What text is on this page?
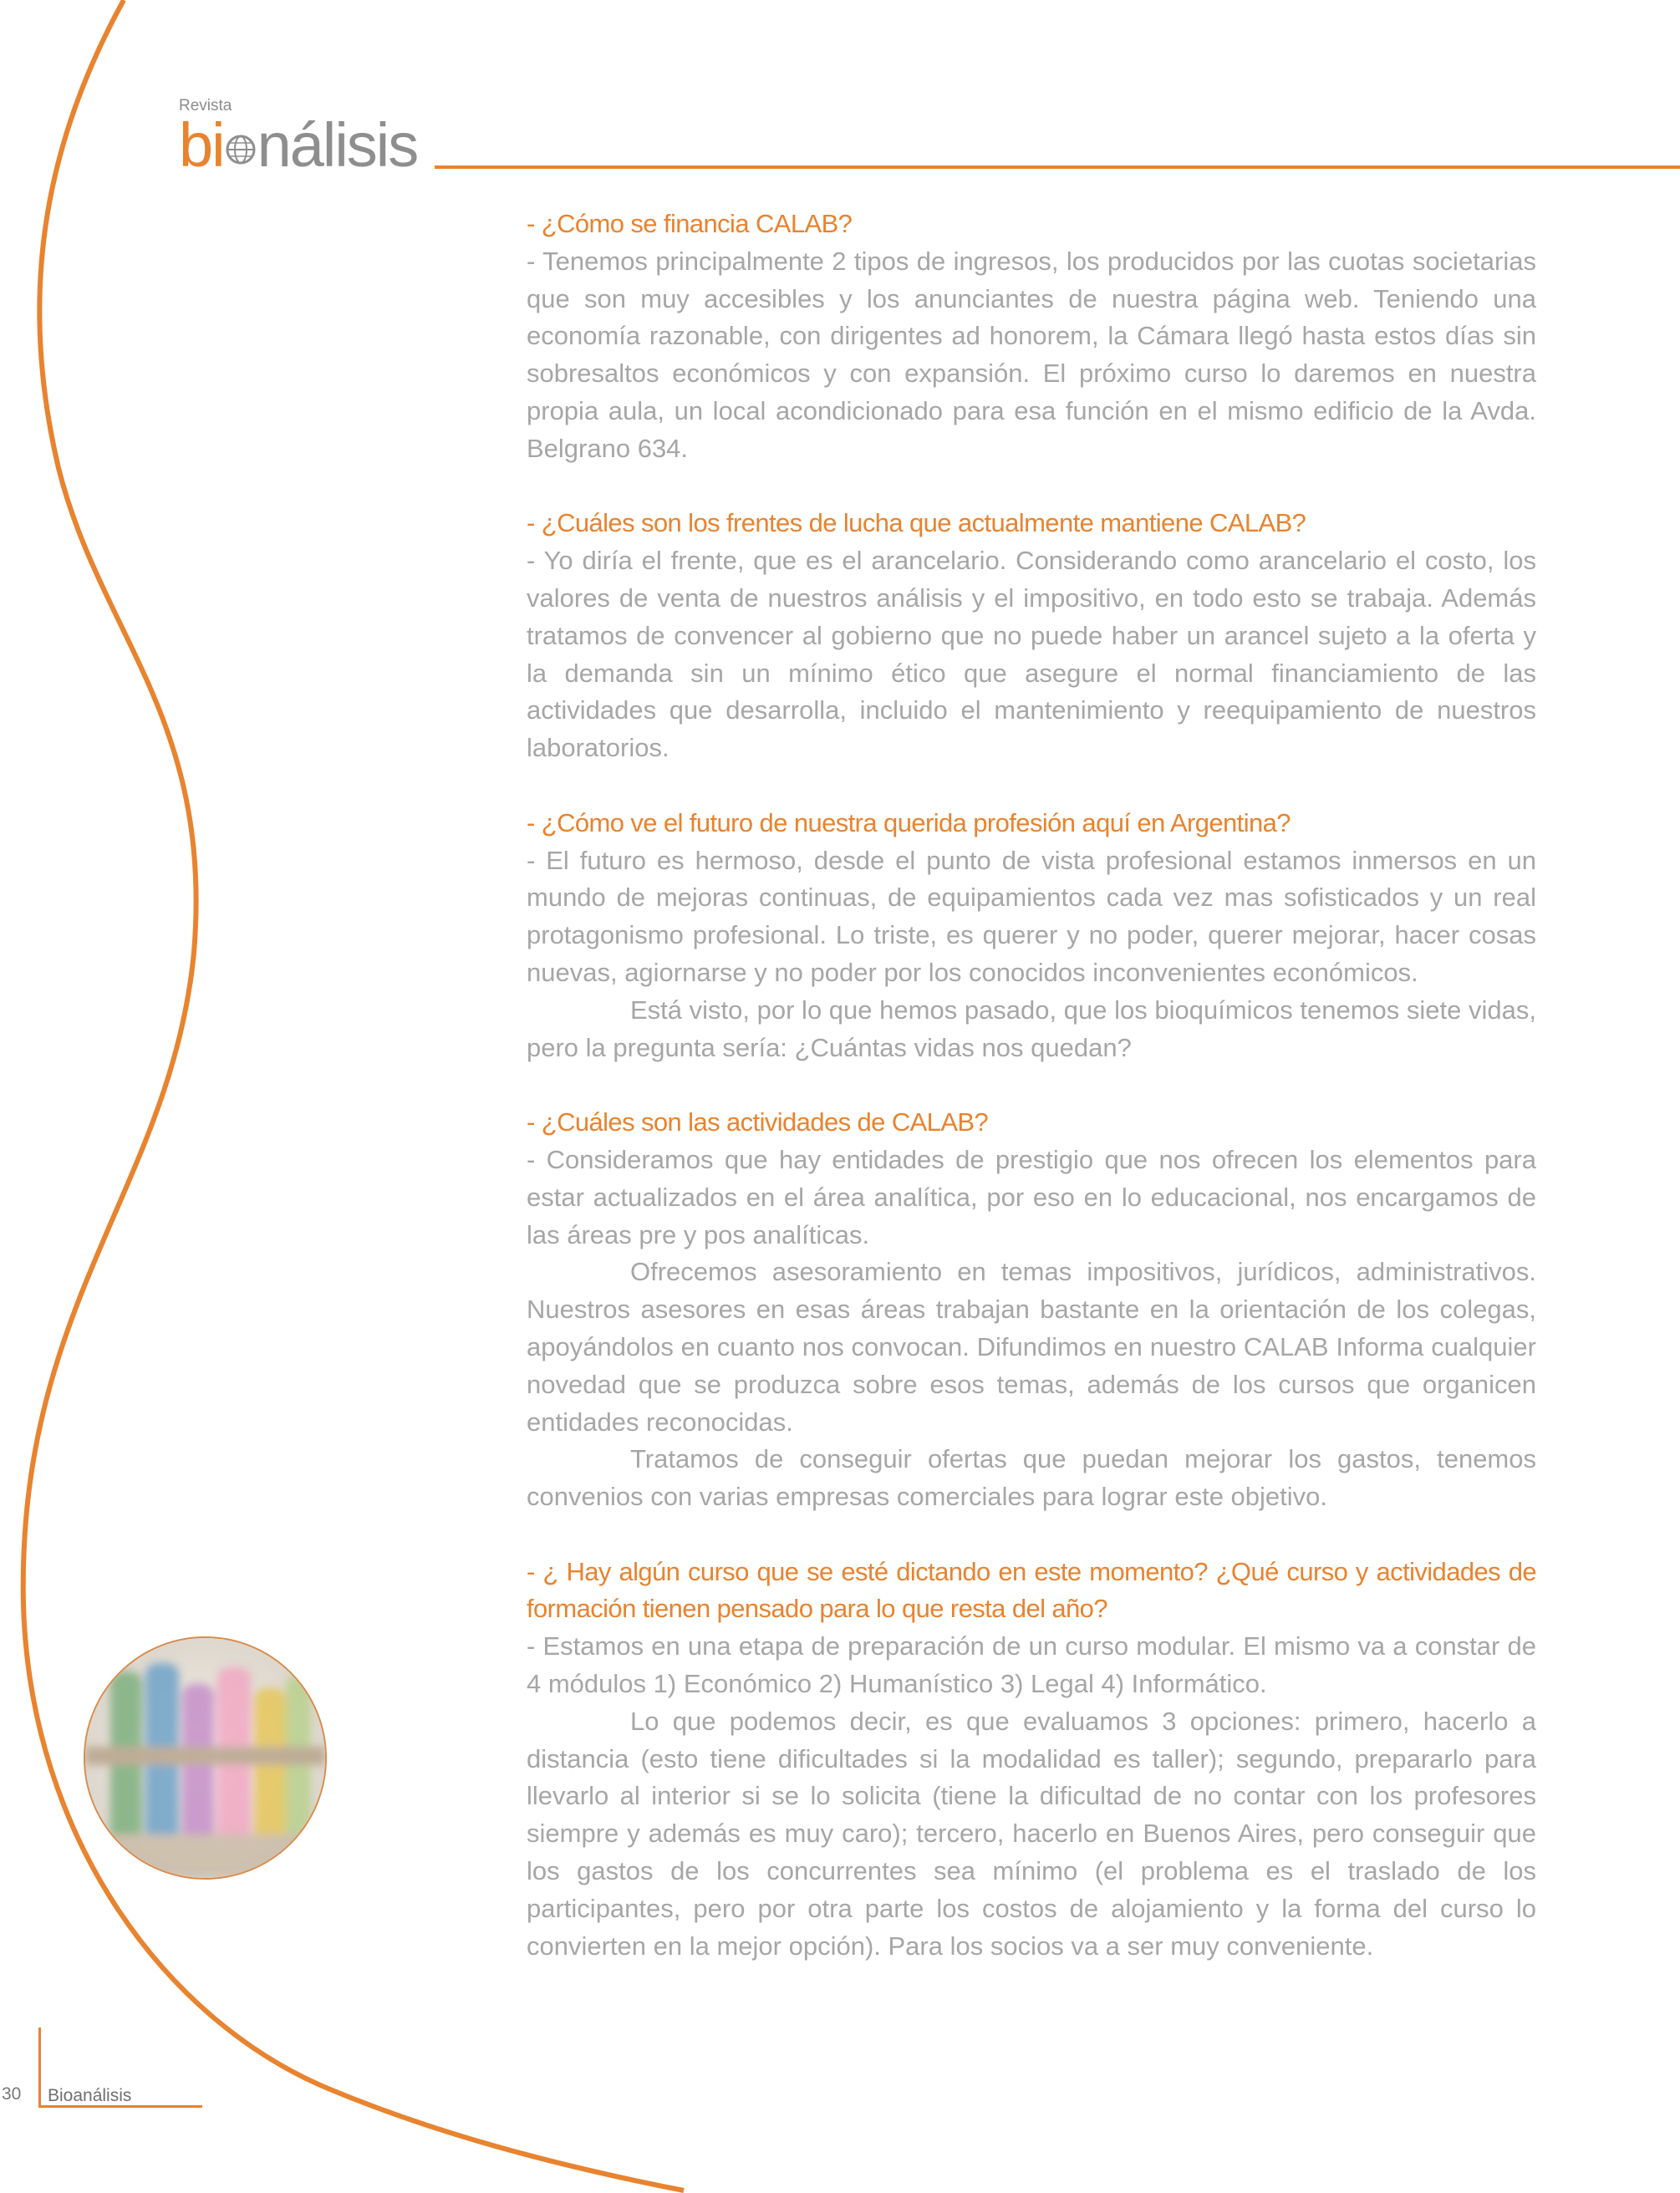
Revista
bi nálisis

- ¿Cómo se financia CALAB?

- Tenemos principalmente 2 tipos de ingresos, los producidos por las cuotas societarias que son muy accesibles y los anunciantes de nuestra página web. Teniendo una economía razonable, con dirigentes ad honorem, la Cámara llegó hasta estos días sin sobresaltos económicos y con expansión. El próximo curso lo daremos en nuestra propia aula, un local acondicionado para esa función en el mismo edificio de la Avda. Belgrano 634.

- ¿Cuáles son los frentes de lucha que actualmente mantiene CALAB?

- Yo diría el frente, que es el arancelario. Considerando como arancelario el costo, los valores de venta de nuestros análisis y el impositivo, en todo esto se trabaja. Además tratamos de convencer al gobierno que no puede haber un arancel sujeto a la oferta y la demanda sin un mínimo ético que asegure el normal financiamiento de las actividades que desarrolla, incluido el mantenimiento y reequipamiento de nuestros laboratorios.

- ¿Cómo ve el futuro de nuestra querida profesión aquí en Argentina?

- El futuro es hermoso, desde el punto de vista profesional estamos inmersos en un mundo de mejoras continuas, de equipamientos cada vez mas sofisticados y un real protagonismo profesional. Lo triste, es querer y no poder, querer mejorar, hacer cosas nuevas, agiornarse y no poder por los conocidos inconvenientes económicos.

Está visto, por lo que hemos pasado, que los bioquímicos tenemos siete vidas, pero la pregunta sería: ¿Cuántas vidas nos quedan?

- ¿Cuáles son las actividades de CALAB?

- Consideramos que hay entidades de prestigio que nos ofrecen los elementos para estar actualizados en el área analítica, por eso en lo educacional, nos encargamos de las áreas pre y pos analíticas.

Ofrecemos asesoramiento en temas impositivos, jurídicos, administrativos. Nuestros asesores en esas áreas trabajan bastante en la orientación de los colegas, apoyándolos en cuanto nos convocan. Difundimos en nuestro CALAB Informa cualquier novedad que se produzca sobre esos temas, además de los cursos que organicen entidades reconocidas.

Tratamos de conseguir ofertas que puedan mejorar los gastos, tenemos convenios con varias empresas comerciales para lograr este objetivo.

- ¿ Hay algún curso que se esté dictando en este momento? ¿Qué curso y actividades de formación tienen pensado para lo que resta del año?

- Estamos en una etapa de preparación de un curso modular. El mismo va a constar de 4 módulos 1) Económico 2) Humanístico 3) Legal 4) Informático.

Lo que podemos decir, es que evaluamos 3 opciones: primero, hacerlo a distancia (esto tiene dificultades si la modalidad es taller); segundo, prepararlo para llevarlo al interior si se lo solicita (tiene la dificultad de no contar con los profesores siempre y además es muy caro); tercero, hacerlo en Buenos Aires, pero conseguir que los gastos de los concurrentes sea mínimo (el problema es el traslado de los participantes, pero por otra parte los costos de alojamiento y la forma del curso lo convierten en la mejor opción). Para los socios va a ser muy conveniente.

30 Bioanálisis
